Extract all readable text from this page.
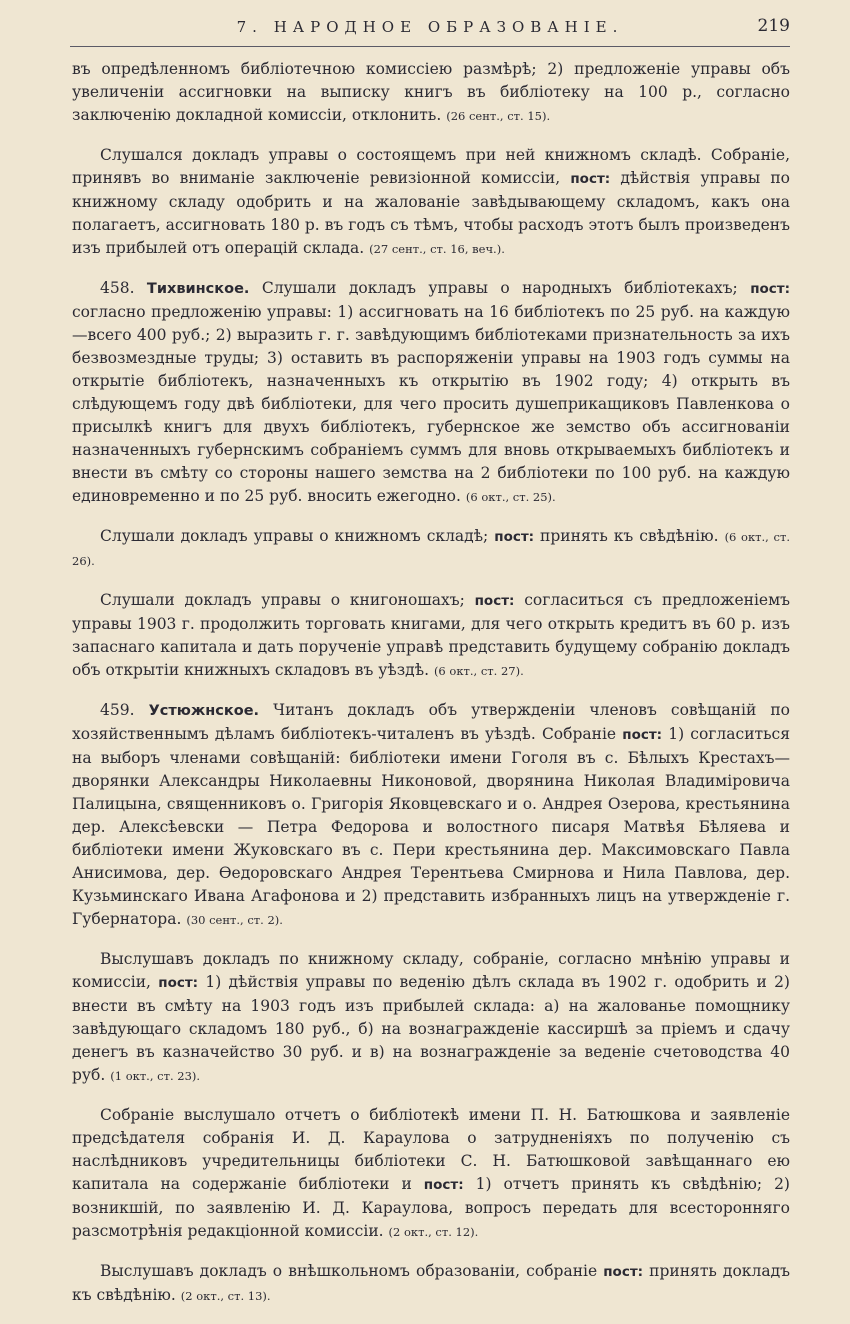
7. НАРОДНОЕ ОБРАЗОВАНІЕ.	219

въ опредѣленномъ библіотечною комиссіею размѣрѣ; 2) предложеніе управы объ увеличеніи ассигновки на выписку книгъ въ библіотеку на 100 р., согласно заключенію докладной комиссіи, отклонить. (26 сент., ст. 15).

Слушался докладъ управы о состоящемъ при ней книжномъ складѣ. Собраніе, принявъ во вниманіе заключеніе ревизіонной комиссіи, пост: дѣйствія управы по книжному складу одобрить и на жалованіе завѣдывающему складомъ, какъ она полагаетъ, ассигновать 180 р. въ годъ съ тѣмъ, чтобы расходъ этотъ былъ произведенъ изъ прибылей отъ операцій склада. (27 сент., ст. 16, веч.).

458. Тихвинское. Слушали докладъ управы о народныхъ библіотекахъ; пост: согласно предложенію управы: 1) ассигновать на 16 библіотекъ по 25 руб. на каждую—всего 400 руб.; 2) выразить г. г. завѣдующимъ библіотеками признательность за ихъ безвозмездные труды; 3) оставить въ распоряженіи управы на 1903 годъ суммы на открытіе библіотекъ, назначенныхъ къ открытію въ 1902 году; 4) открыть въ слѣдующемъ году двѣ библіотеки, для чего просить душеприкащиковъ Павленкова о присылкѣ книгъ для двухъ библіотекъ, губернское же земство объ ассигнованіи назначенныхъ губернскимъ собраніемъ суммъ для вновь открываемыхъ библіотекъ и внести въ смѣту со стороны нашего земства на 2 библіотеки по 100 руб. на каждую единовременно и по 25 руб. вносить ежегодно. (6 окт., ст. 25).

Слушали докладъ управы о книжномъ складѣ; пост: принять къ свѣдѣнію. (6 окт., ст. 26).

Слушали докладъ управы о книгоношахъ; пост: согласиться съ предложеніемъ управы 1903 г. продолжить торговать книгами, для чего открыть кредитъ въ 60 р. изъ запаснаго капитала и дать порученіе управѣ представить будущему собранію докладъ объ открытіи книжныхъ складовъ въ уѣздѣ. (6 окт., ст. 27).

459. Устюжнское. Читанъ докладъ объ утвержденіи членовъ совѣщаній по хозяйственнымъ дѣламъ библіотекъ-читаленъ въ уѣздѣ. Собраніе пост: 1) согласиться на выборъ членами совѣщаній: библіотеки имени Гоголя въ с. Бѣлыхъ Крестахъ—дворянки Александры Николаевны Никоновой, дворянина Николая Владиміровича Палицына, священниковъ о. Григорія Яковцевскаго и о. Андрея Озерова, крестьянина дер. Алексѣевски — Петра Федорова и волостного писаря Матвѣя Бѣляева и библіотеки имени Жуковскаго въ с. Пери крестьянина дер. Максимовскаго Павла Анисимова, дер. Ѳедоровскаго Андрея Терентьева Смирнова и Нила Павлова, дер. Кузьминскаго Ивана Агафонова и 2) представить избранныхъ лицъ на утвержденіе г. Губернатора. (30 сент., ст. 2).

Выслушавъ докладъ по книжному складу, собраніе, согласно мнѣнію управы и комиссіи, пост: 1) дѣйствія управы по веденію дѣлъ склада въ 1902 г. одобрить и 2) внести въ смѣту на 1903 годъ изъ прибылей склада: а) на жалованье помощнику завѣдующаго складомъ 180 руб., б) на вознагражденіе кассиршѣ за пріемъ и сдачу денегъ въ казначейство 30 руб. и в) на вознагражденіе за веденіе счетоводства 40 руб. (1 окт., ст. 23).

Собраніе выслушало отчетъ о библіотекѣ имени П. Н. Батюшкова и заявленіе предсѣдателя собранія И. Д. Караулова о затрудненіяхъ по полученію съ наслѣдниковъ учредительницы библіотеки С. Н. Батюшковой завѣщаннаго ею капитала на содержаніе библіотеки и пост: 1) отчетъ принять къ свѣдѣнію; 2) возникшій, по заявленію И. Д. Караулова, вопросъ передать для всесторонняго разсмотрѣнія редакціонной комиссіи. (2 окт., ст. 12).

Выслушавъ докладъ о внѣшкольномъ образованіи, собраніе пост: принять докладъ къ свѣдѣнію. (2 окт., ст. 13).
